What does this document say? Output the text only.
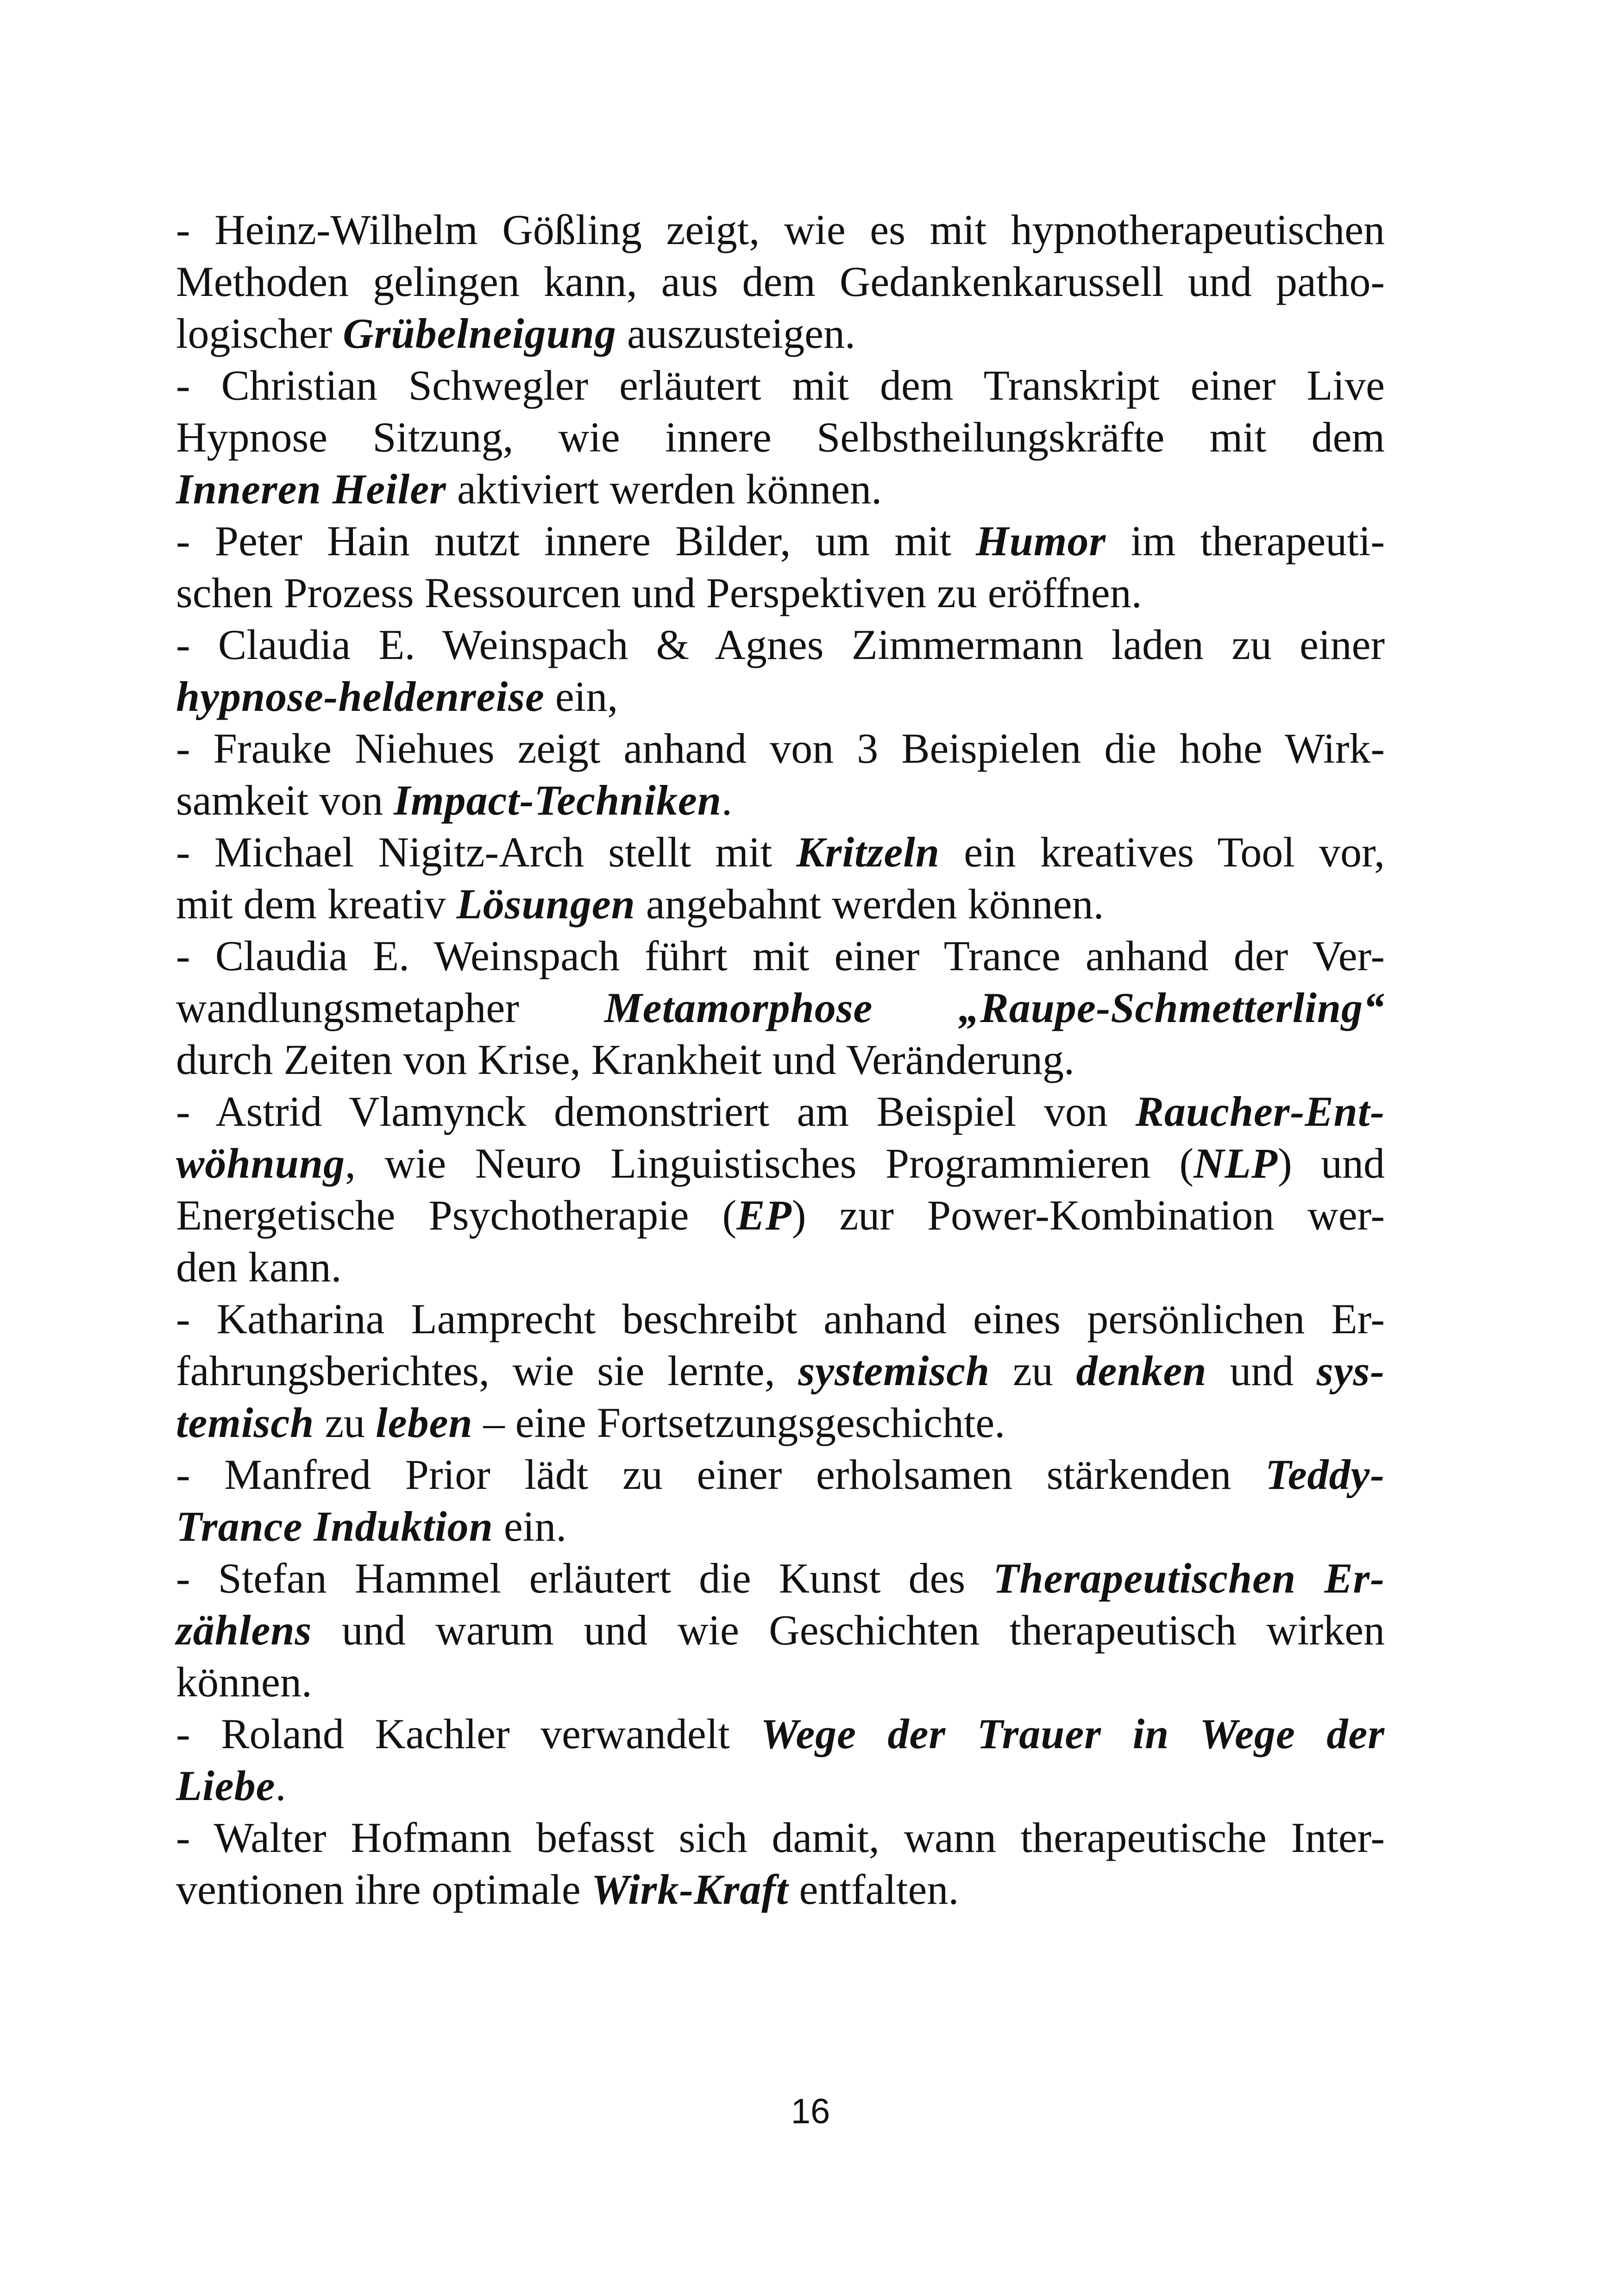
- Heinz-Wilhelm Gößling zeigt, wie es mit hypnotherapeutischen
Methoden gelingen kann, aus dem Gedankenkarussell und patho-
logischer Grübelneigung auszusteigen.
- Christian Schwegler erläutert mit dem Transkript einer Live
Hypnose Sitzung, wie innere Selbstheilungskräfte mit dem
Inneren Heiler aktiviert werden können.
- Peter Hain nutzt innere Bilder, um mit Humor im therapeuti-
schen Prozess Ressourcen und Perspektiven zu eröffnen.
- Claudia E. Weinspach & Agnes Zimmermann laden zu einer
hypnose-heldenreise ein,
- Frauke Niehues zeigt anhand von 3 Beispielen die hohe Wirk-
samkeit von Impact-Techniken.
- Michael Nigitz-Arch stellt mit Kritzeln ein kreatives Tool vor,
mit dem kreativ Lösungen angebahnt werden können.
- Claudia E. Weinspach führt mit einer Trance anhand der Ver-
wandlungsmetapher Metamorphose „Raupe-Schmetterling“
durch Zeiten von Krise, Krankheit und Veränderung.
- Astrid Vlamynck demonstriert am Beispiel von Raucher-Ent-
wöhnung, wie Neuro Linguistisches Programmieren (NLP) und
Energetische Psychotherapie (EP) zur Power-Kombination wer-
den kann.
- Katharina Lamprecht beschreibt anhand eines persönlichen Er-
fahrungsberichtes, wie sie lernte, systemisch zu denken und sys-
temisch zu leben – eine Fortsetzungsgeschichte.
- Manfred Prior lädt zu einer erholsamen stärkenden Teddy-
Trance Induktion ein.
- Stefan Hammel erläutert die Kunst des Therapeutischen Er-
zählens und warum und wie Geschichten therapeutisch wirken
können.
- Roland Kachler verwandelt Wege der Trauer in Wege der
Liebe.
- Walter Hofmann befasst sich damit, wann therapeutische Inter-
ventionen ihre optimale Wirk-Kraft entfalten.
16
